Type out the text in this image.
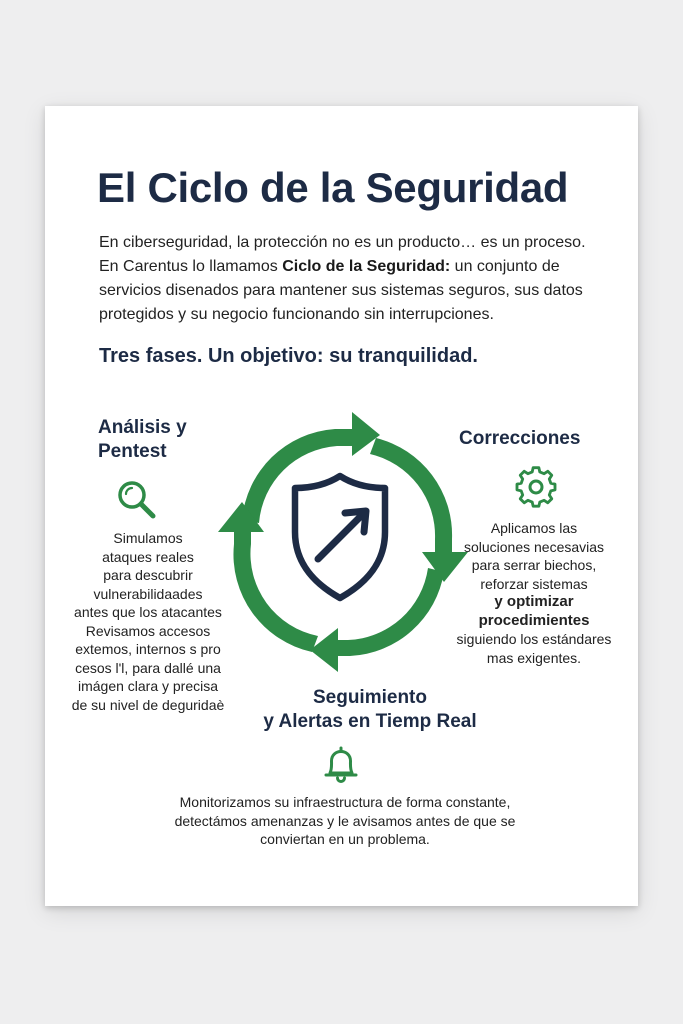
El Ciclo de la Seguridad

En ciberseguridad, la protección no es un producto… es un proceso.

En Carentus lo llamamos Ciclo de la Seguridad: un conjunto de

servicios disenados para mantener sus sistemas seguros, sus datos

protegidos y su negocio funcionando sin interrupciones.

Tres fases. Un objetivo: su tranquilidad.
Análisis y
Pentest
Simulamos
ataques reales
para descubrir
vulnerabilidaades
antes que los atacantes
Revisamos accesos
extemos, internos s pro
cesos l'l, para dallé una
imágen clara y precisa
de su nivel de deguridaè
Correcciones
Aplicamos las
soluciones necesavias
para serrar biechos,
reforzar sistemas
y optimizar
procedimientes
siguiendo los estándares
mas exigentes.
Seguimiento
y Alertas en Tiemp Real
Monitorizamos su infraestructura de forma constante,
detectámos amenanzas y le avisamos antes de que se
conviertan en un problema.
